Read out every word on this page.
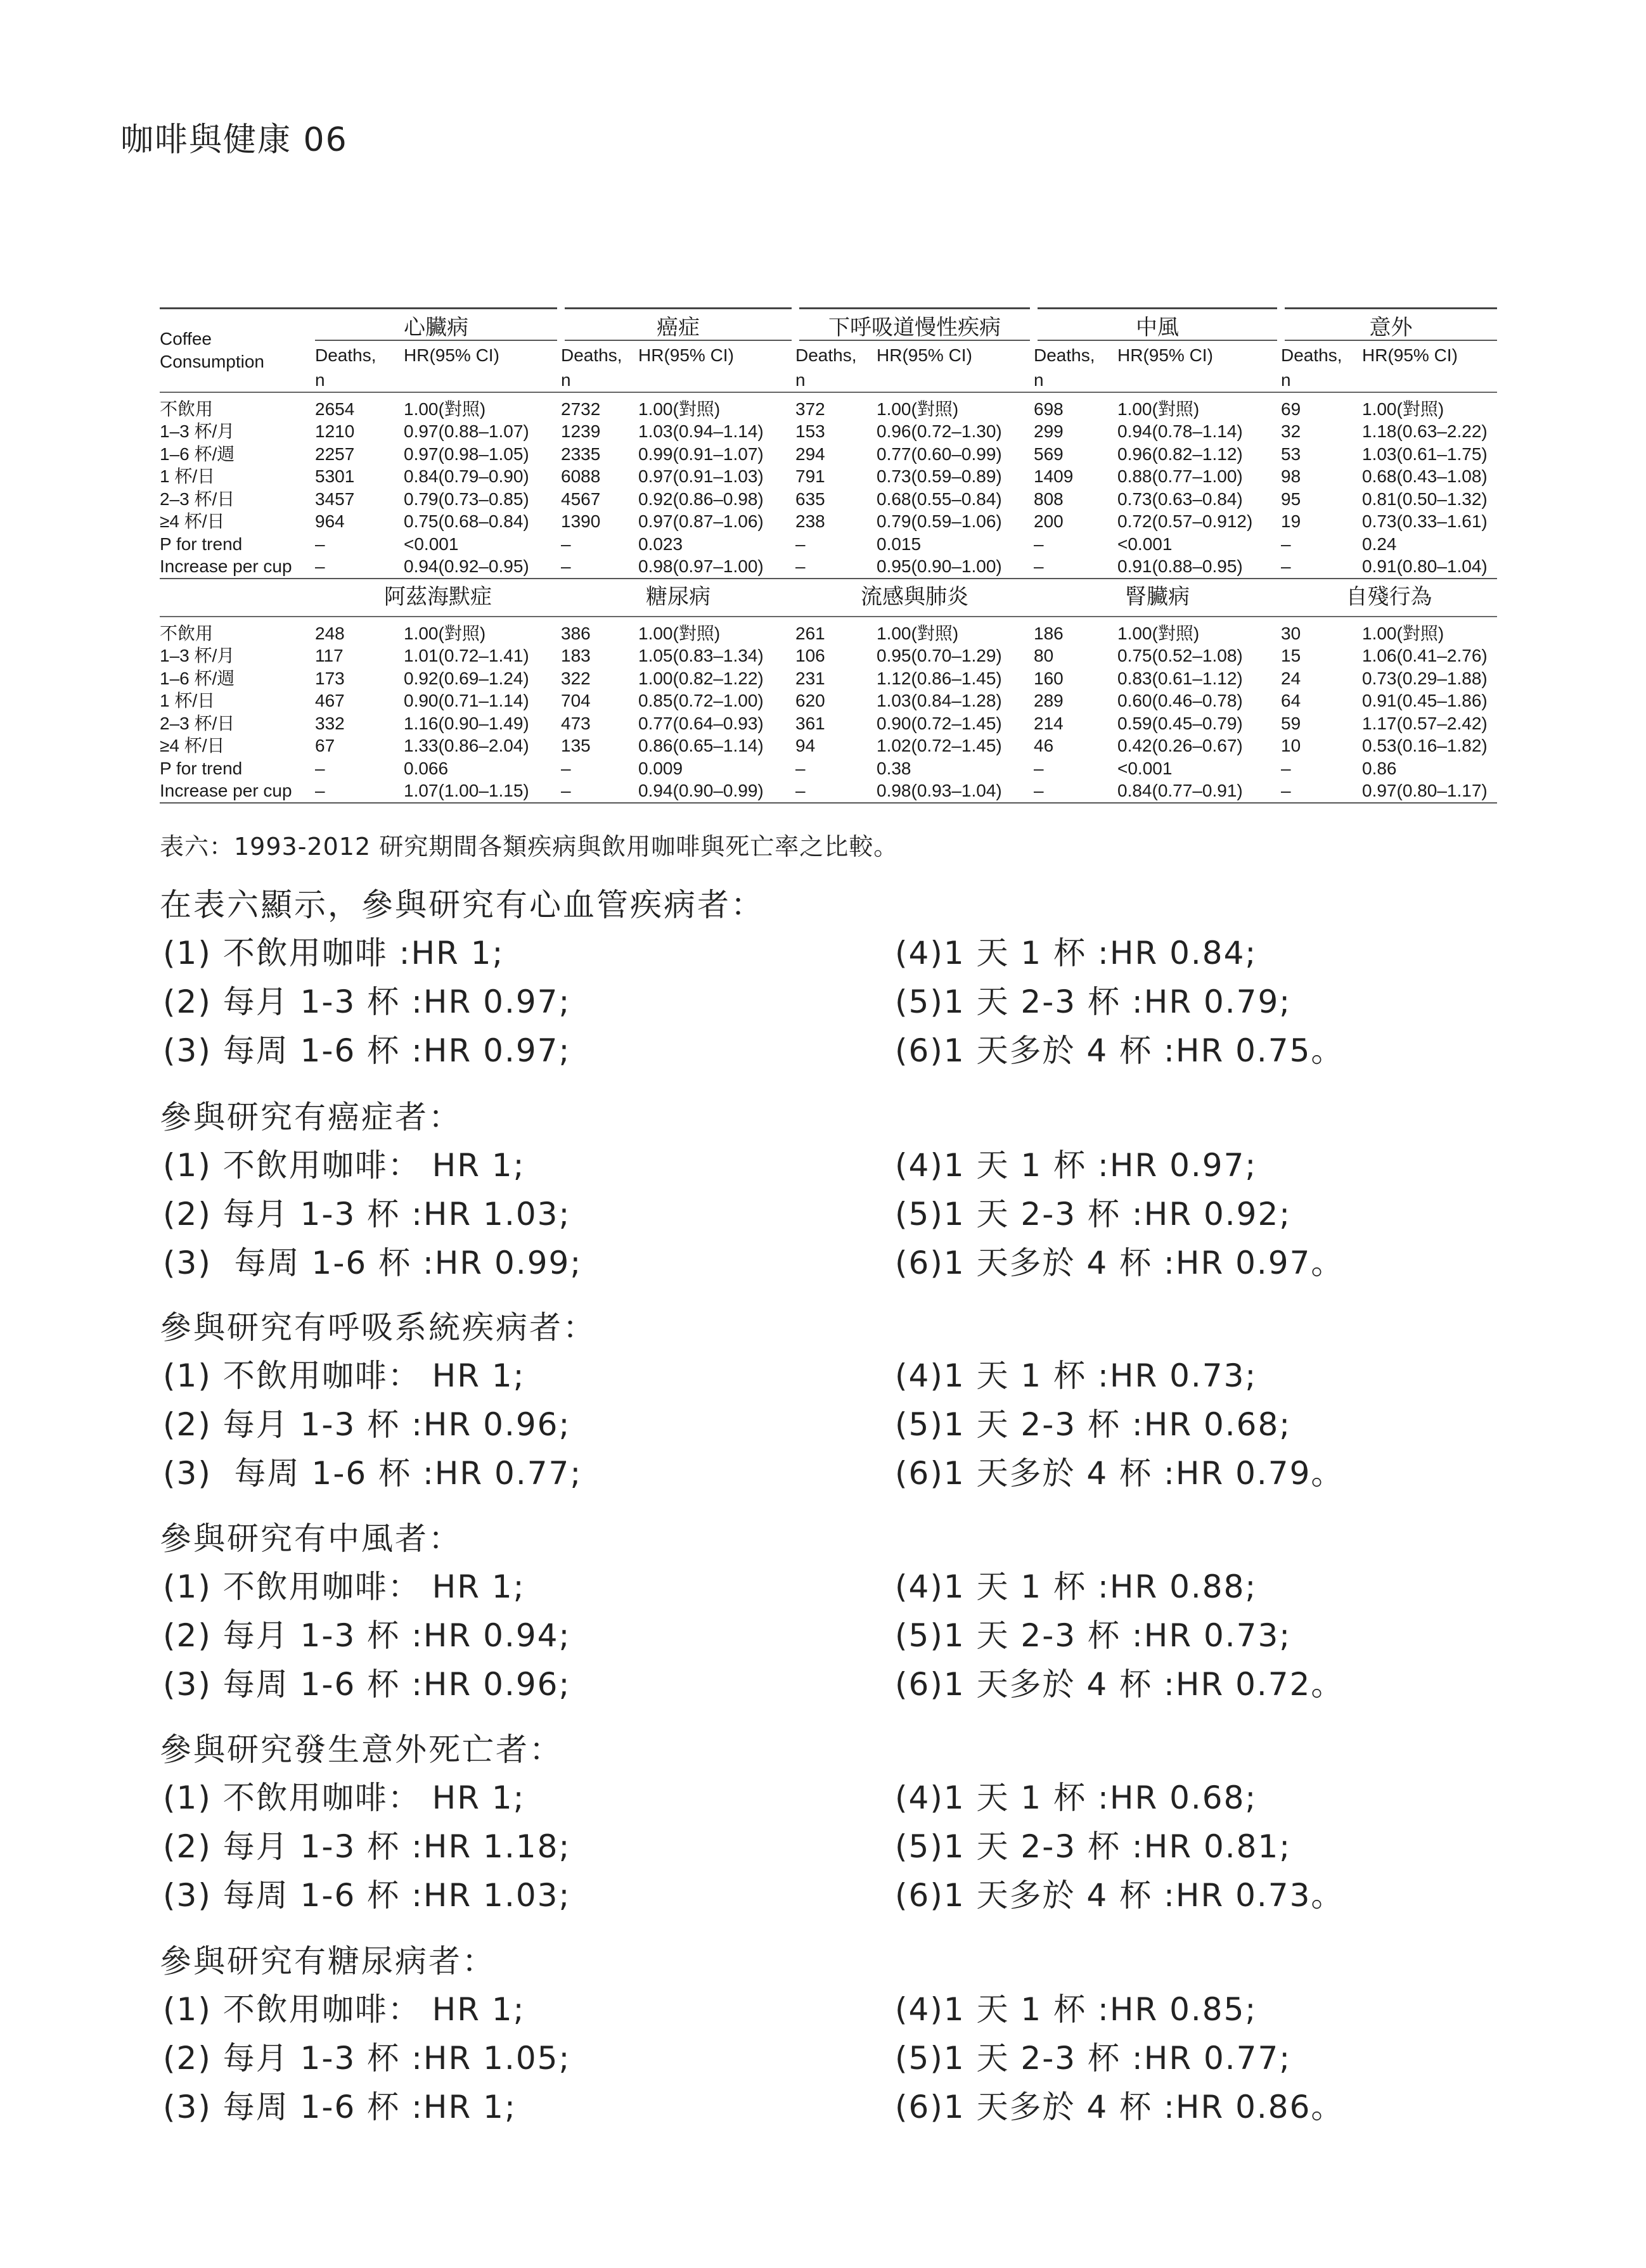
咖啡與健康 06
Coffee
Consumption	心臟病		癌症		下呼吸道慢性疾病		中風		意外	
	Deaths,	HR(95% CI)	Deaths,	HR(95% CI)	Deaths,	HR(95% CI)	Deaths,	HR(95% CI)	Deaths,	HR(95% CI)
	n		n		n		n		n	
不飲用	2654	1.00(對照)	2732	1.00(對照)	372	1.00(對照)	698	1.00(對照)	69	1.00(對照)
1–3 杯/月	1210	0.97(0.88–1.07)	1239	1.03(0.94–1.14)	153	0.96(0.72–1.30)	299	0.94(0.78–1.14)	32	1.18(0.63–2.22)
1–6 杯/週	2257	0.97(0.98–1.05)	2335	0.99(0.91–1.07)	294	0.77(0.60–0.99)	569	0.96(0.82–1.12)	53	1.03(0.61–1.75)
1 杯/日	5301	0.84(0.79–0.90)	6088	0.97(0.91–1.03)	791	0.73(0.59–0.89)	1409	0.88(0.77–1.00)	98	0.68(0.43–1.08)
2–3 杯/日	3457	0.79(0.73–0.85)	4567	0.92(0.86–0.98)	635	0.68(0.55–0.84)	808	0.73(0.63–0.84)	95	0.81(0.50–1.32)
≥4 杯/日	964	0.75(0.68–0.84)	1390	0.97(0.87–1.06)	238	0.79(0.59–1.06)	200	0.72(0.57–0.912)	19	0.73(0.33–1.61)
P for trend	–	<0.001	–	0.023	–	0.015	–	<0.001	–	0.24
Increase per cup	–	0.94(0.92–0.95)	–	0.98(0.97–1.00)	–	0.95(0.90–1.00)	–	0.91(0.88–0.95)	–	0.91(0.80–1.04)
	阿茲海默症		糖尿病		流感與肺炎		腎臟病		自殘行為	
不飲用	248	1.00(對照)	386	1.00(對照)	261	1.00(對照)	186	1.00(對照)	30	1.00(對照)
1–3 杯/月	117	1.01(0.72–1.41)	183	1.05(0.83–1.34)	106	0.95(0.70–1.29)	80	0.75(0.52–1.08)	15	1.06(0.41–2.76)
1–6 杯/週	173	0.92(0.69–1.24)	322	1.00(0.82–1.22)	231	1.12(0.86–1.45)	160	0.83(0.61–1.12)	24	0.73(0.29–1.88)
1 杯/日	467	0.90(0.71–1.14)	704	0.85(0.72–1.00)	620	1.03(0.84–1.28)	289	0.60(0.46–0.78)	64	0.91(0.45–1.86)
2–3 杯/日	332	1.16(0.90–1.49)	473	0.77(0.64–0.93)	361	0.90(0.72–1.45)	214	0.59(0.45–0.79)	59	1.17(0.57–2.42)
≥4 杯/日	67	1.33(0.86–2.04)	135	0.86(0.65–1.14)	94	1.02(0.72–1.45)	46	0.42(0.26–0.67)	10	0.53(0.16–1.82)
P for trend	–	0.066	–	0.009	–	0.38	–	<0.001	–	0.86
Increase per cup	–	1.07(1.00–1.15)	–	0.94(0.90–0.99)	–	0.98(0.93–1.04)	–	0.84(0.77–0.91)	–	0.97(0.80–1.17)
表六：1993-2012 研究期間各類疾病與飲用咖啡與死亡率之比較。
在表六顯示，參與研究有心血管疾病者：
(1) 不飲用咖啡 :HR 1;	(4)1 天 1 杯 :HR 0.84;
(2) 每月 1-3 杯 :HR 0.97;	(5)1 天 2-3 杯 :HR 0.79;
(3) 每周 1-6 杯 :HR 0.97;	(6)1 天多於 4 杯 :HR 0.75。
參與研究有癌症者：
(1) 不飲用咖啡： HR 1;	(4)1 天 1 杯 :HR 0.97;
(2) 每月 1-3 杯 :HR 1.03;	(5)1 天 2-3 杯 :HR 0.92;
(3)  每周 1-6 杯 :HR 0.99;	(6)1 天多於 4 杯 :HR 0.97。
參與研究有呼吸系統疾病者：
(1) 不飲用咖啡： HR 1;	(4)1 天 1 杯 :HR 0.73;
(2) 每月 1-3 杯 :HR 0.96;	(5)1 天 2-3 杯 :HR 0.68;
(3)  每周 1-6 杯 :HR 0.77;	(6)1 天多於 4 杯 :HR 0.79。
參與研究有中風者：
(1) 不飲用咖啡： HR 1;	(4)1 天 1 杯 :HR 0.88;
(2) 每月 1-3 杯 :HR 0.94;	(5)1 天 2-3 杯 :HR 0.73;
(3) 每周 1-6 杯 :HR 0.96;	(6)1 天多於 4 杯 :HR 0.72。
參與研究發生意外死亡者：
(1) 不飲用咖啡： HR 1;	(4)1 天 1 杯 :HR 0.68;
(2) 每月 1-3 杯 :HR 1.18;	(5)1 天 2-3 杯 :HR 0.81;
(3) 每周 1-6 杯 :HR 1.03;	(6)1 天多於 4 杯 :HR 0.73。
參與研究有糖尿病者：
(1) 不飲用咖啡： HR 1;	(4)1 天 1 杯 :HR 0.85;
(2) 每月 1-3 杯 :HR 1.05;	(5)1 天 2-3 杯 :HR 0.77;
(3) 每周 1-6 杯 :HR 1;	(6)1 天多於 4 杯 :HR 0.86。
